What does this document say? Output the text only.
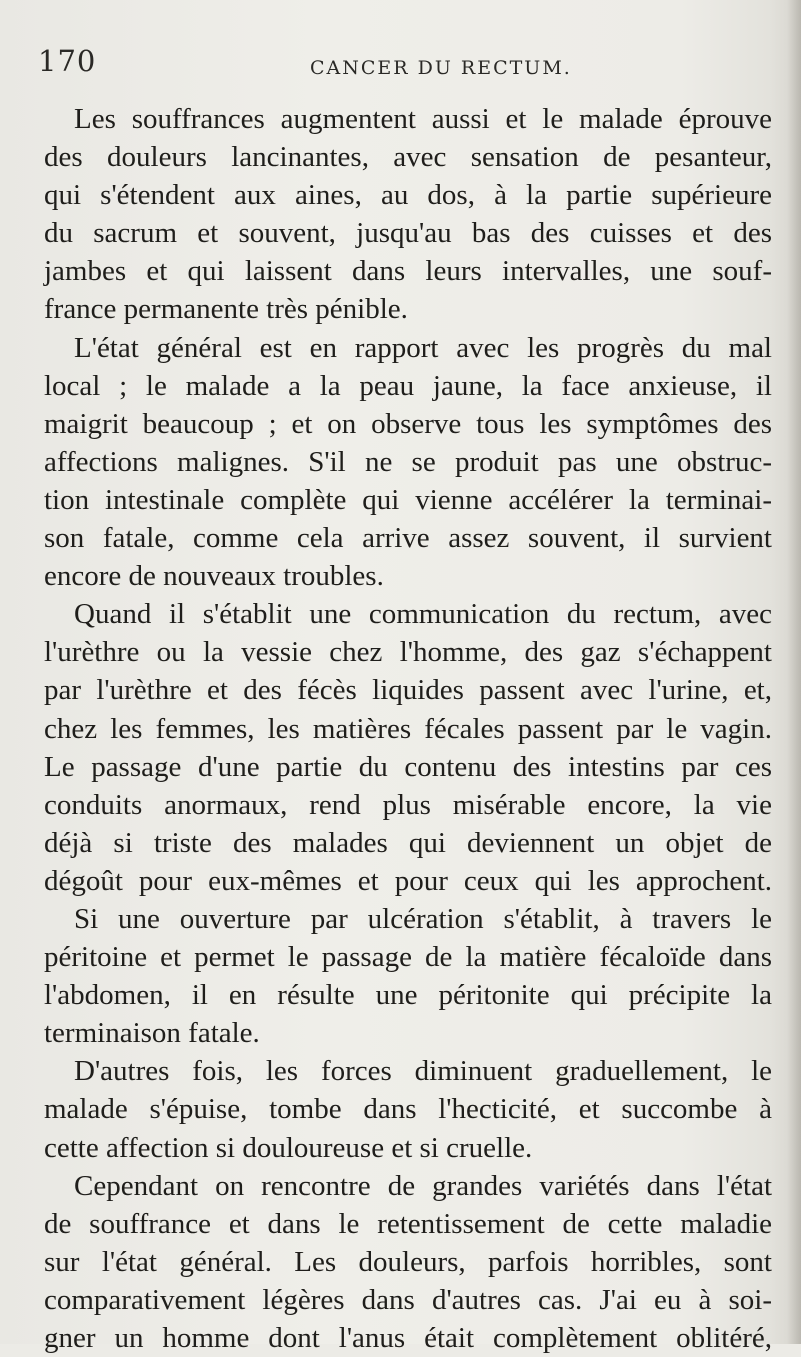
170	CANCER DU RECTUM.
Les souffrances augmentent aussi et le malade éprouve
des douleurs lancinantes, avec sensation de pesanteur,
qui s'étendent aux aines, au dos, à la partie supérieure
du sacrum et souvent, jusqu'au bas des cuisses et des
jambes et qui laissent dans leurs intervalles, une souf-
france permanente très pénible.
L'état général est en rapport avec les progrès du mal
local ; le malade a la peau jaune, la face anxieuse, il
maigrit beaucoup ; et on observe tous les symptômes des
affections malignes. S'il ne se produit pas une obstruc-
tion intestinale complète qui vienne accélérer la terminai-
son fatale, comme cela arrive assez souvent, il survient
encore de nouveaux troubles.
Quand il s'établit une communication du rectum, avec
l'urèthre ou la vessie chez l'homme, des gaz s'échappent
par l'urèthre et des fécès liquides passent avec l'urine, et,
chez les femmes, les matières fécales passent par le vagin.
Le passage d'une partie du contenu des intestins par ces
conduits anormaux, rend plus misérable encore, la vie
déjà si triste des malades qui deviennent un objet de
dégoût pour eux-mêmes et pour ceux qui les approchent.
Si une ouverture par ulcération s'établit, à travers le
péritoine et permet le passage de la matière fécaloïde dans
l'abdomen, il en résulte une péritonite qui précipite la
terminaison fatale.
D'autres fois, les forces diminuent graduellement, le
malade s'épuise, tombe dans l'hecticité, et succombe à
cette affection si douloureuse et si cruelle.
Cependant on rencontre de grandes variétés dans l'état
de souffrance et dans le retentissement de cette maladie
sur l'état général. Les douleurs, parfois horribles, sont
comparativement légères dans d'autres cas. J'ai eu à soi-
gner un homme dont l'anus était complètement oblitéré,
